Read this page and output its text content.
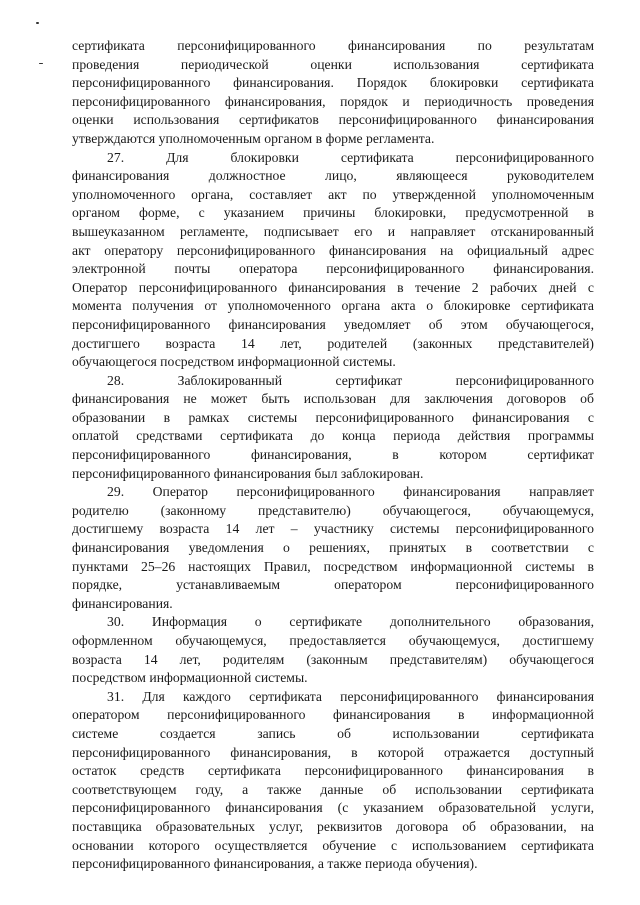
сертификата персонифицированного финансирования по результатам

проведения периодической оценки использования сертификата

персонифицированного финансирования. Порядок блокировки сертификата

персонифицированного финансирования, порядок и периодичность проведения

оценки использования сертификатов персонифицированного финансирования

утверждаются уполномоченным органом в форме регламента.

27. Для блокировки сертификата персонифицированного

финансирования должностное лицо, являющееся руководителем

уполномоченного органа, составляет акт по утвержденной уполномоченным

органом форме, с указанием причины блокировки, предусмотренной в

вышеуказанном регламенте, подписывает его и направляет отсканированный

акт оператору персонифицированного финансирования на официальный адрес

электронной почты оператора персонифицированного финансирования.

Оператор персонифицированного финансирования в течение 2 рабочих дней с

момента получения от уполномоченного органа акта о блокировке сертификата

персонифицированного финансирования уведомляет об этом обучающегося,

достигшего возраста 14 лет, родителей (законных представителей)

обучающегося посредством информационной системы.

28. Заблокированный сертификат персонифицированного

финансирования не может быть использован для заключения договоров об

образовании в рамках системы персонифицированного финансирования с

оплатой средствами сертификата до конца периода действия программы

персонифицированного финансирования, в котором сертификат

персонифицированного финансирования был заблокирован.

29. Оператор персонифицированного финансирования направляет

родителю (законному представителю) обучающегося, обучающемуся,

достигшему возраста 14 лет – участнику системы персонифицированного

финансирования уведомления о решениях, принятых в соответствии с

пунктами 25–26 настоящих Правил, посредством информационной системы в

порядке, устанавливаемым оператором персонифицированного

финансирования.

30. Информация о сертификате дополнительного образования,

оформленном обучающемуся, предоставляется обучающемуся, достигшему

возраста 14 лет, родителям (законным представителям) обучающегося

посредством информационной системы.

31. Для каждого сертификата персонифицированного финансирования

оператором персонифицированного финансирования в информационной

системе создается запись об использовании сертификата

персонифицированного финансирования, в которой отражается доступный

остаток средств сертификата персонифицированного финансирования в

соответствующем году, а также данные об использовании сертификата

персонифицированного финансирования (с указанием образовательной услуги,

поставщика образовательных услуг, реквизитов договора об образовании, на

основании которого осуществляется обучение с использованием сертификата

персонифицированного финансирования, а также периода обучения).
